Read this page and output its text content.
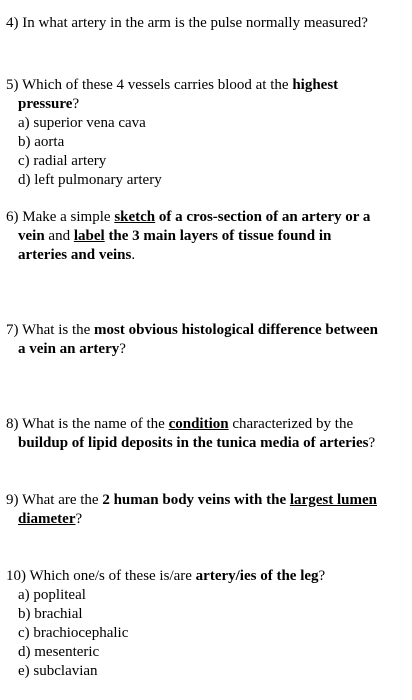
4) In what artery in the arm is the pulse normally measured?
5) Which of these 4 vessels carries blood at the highest
pressure?
a) superior vena cava
b) aorta
c) radial artery
d) left pulmonary artery
6) Make a simple sketch of a cros-section of an artery or a
vein and label the 3 main layers of tissue found in
arteries and veins.
7) What is the most obvious histological difference between
a vein an artery?
8) What is the name of the condition characterized by the
buildup of lipid deposits in the tunica media of arteries?
9) What are the 2 human body veins with the largest lumen
diameter?
10) Which one/s of these is/are artery/ies of the leg?
a) popliteal
b) brachial
c) brachiocephalic
d) mesenteric
e) subclavian
